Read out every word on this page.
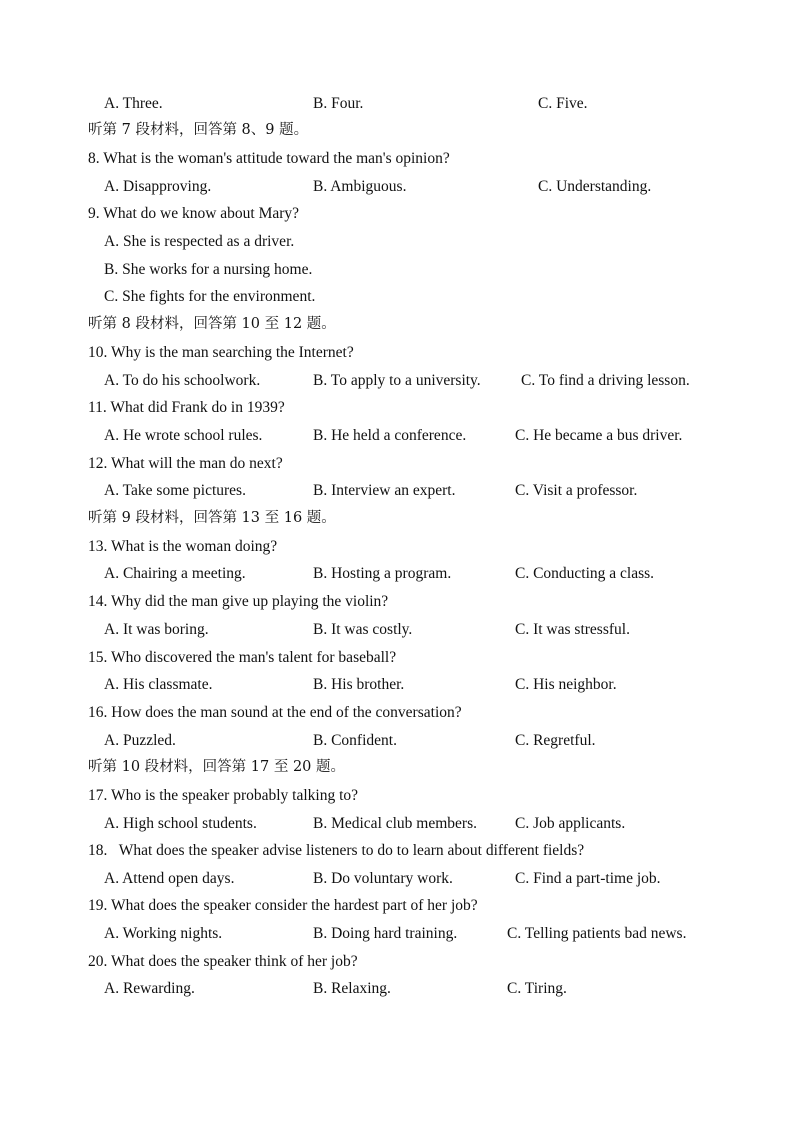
A. Three.	B. Four.	C. Five.
听第 7 段材料，回答第 8、9 题。
8. What is the woman's attitude toward the man's opinion?
A. Disapproving.	B. Ambiguous.	C. Understanding.
9. What do we know about Mary?
A. She is respected as a driver.
B. She works for a nursing home.
C. She fights for the environment.
听第 8 段材料，回答第 10 至 12 题。
10. Why is the man searching the Internet?
A. To do his schoolwork.	B. To apply to a university.	C. To find a driving lesson.
11. What did Frank do in 1939?
A. He wrote school rules.	B. He held a conference.	C. He became a bus driver.
12. What will the man do next?
A. Take some pictures.	B. Interview an expert.	C. Visit a professor.
听第 9 段材料，回答第 13 至 16 题。
13. What is the woman doing?
A. Chairing a meeting.	B. Hosting a program.	C. Conducting a class.
14. Why did the man give up playing the violin?
A. It was boring.	B. It was costly.	C. It was stressful.
15. Who discovered the man's talent for baseball?
A. His classmate.	B. His brother.	C. His neighbor.
16. How does the man sound at the end of the conversation?
A. Puzzled.	B. Confident.	C. Regretful.
听第 10 段材料，回答第 17 至 20 题。
17. Who is the speaker probably talking to?
A. High school students.	B. Medical club members. C. Job applicants.
18.   What does the speaker advise listeners to do to learn about different fields?
A. Attend open days.	B. Do voluntary work.	C. Find a part-time job.
19. What does the speaker consider the hardest part of her job?
A. Working nights.	B. Doing hard training.	C. Telling patients bad news.
20. What does the speaker think of her job?
A. Rewarding.	B. Relaxing.	C. Tiring.
